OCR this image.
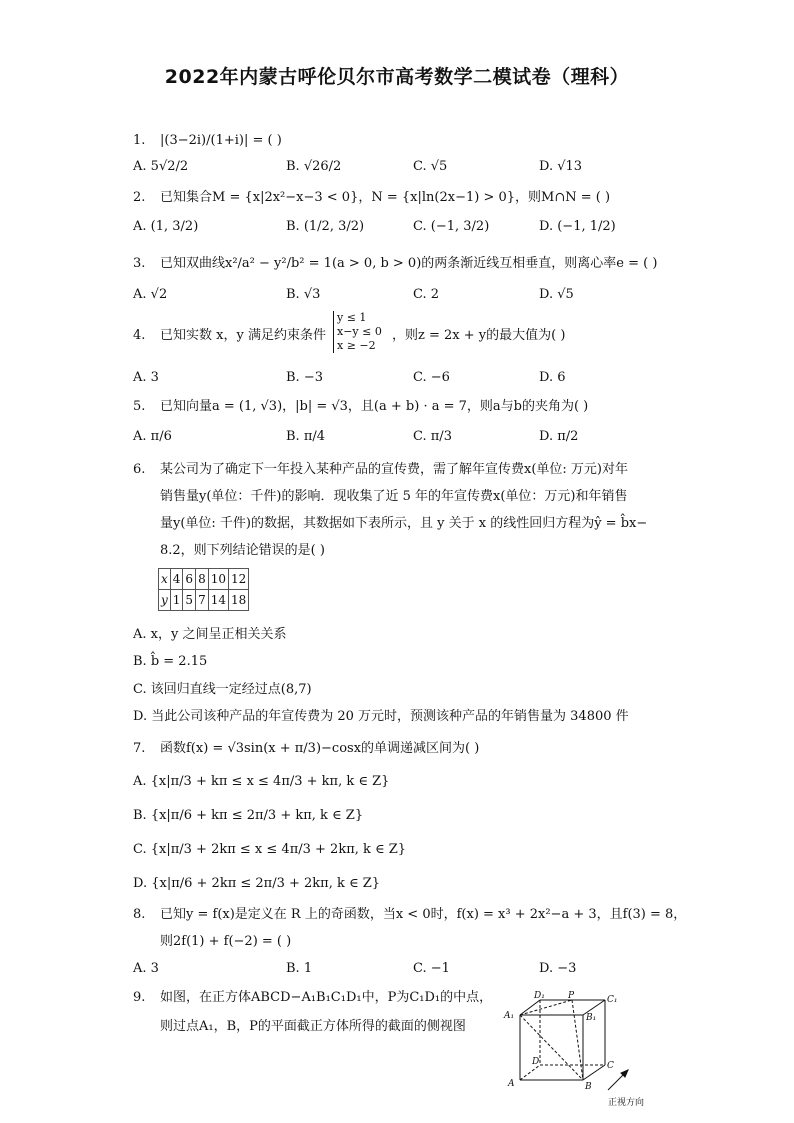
2022年内蒙古呼伦贝尔市高考数学二模试卷（理科）
1. |(3−2i)/(1+i)| = ( )
A. 5√2/2	B. √26/2	C. √5	D. √13
2. 已知集合M = {x|2x²−x−3 < 0}，N = {x|ln(2x−1) > 0}，则M∩N = ( )
A. (1, 3/2)	B. (1/2, 3/2)	C. (−1, 3/2)	D. (−1, 1/2)
3. 已知双曲线x²/a² − y²/b² = 1(a > 0, b > 0)的两条渐近线互相垂直，则离心率e = ( )
A. √2	B. √3	C. 2	D. √5
4. 已知实数 x，y 满足约束条件
y ≤ 1
x−y ≤ 0
x ≥ −2
，则z = 2x + y的最大值为( )
A. 3	B. −3	C. −6	D. 6
5. 已知向量a = (1, √3)，|b| = √3，且(a + b) · a = 7，则a与b的夹角为( )
A. π/6	B. π/4	C. π/3	D. π/2
6. 某公司为了确定下一年投入某种产品的宣传费，需了解年宣传费x(单位: 万元)对年
销售量y(单位：千件)的影响．现收集了近 5 年的年宣传费x(单位：万元)和年销售
量y(单位: 千件)的数据，其数据如下表所示，且 y 关于 x 的线性回归方程为ŷ = b̂x−
8.2，则下列结论错误的是( )
x	4	6	8	10	12
y	1	5	7	14	18
A. x，y 之间呈正相关关系
B. b̂ = 2.15
C. 该回归直线一定经过点(8,7)
D. 当此公司该种产品的年宣传费为 20 万元时，预测该种产品的年销售量为 34800 件
7. 函数f(x) = √3sin(x + π/3)−cosx的单调递减区间为( )
A. {x|π/3 + kπ ≤ x ≤ 4π/3 + kπ, k ∈ Z}
B. {x|π/6 + kπ ≤ 2π/3 + kπ, k ∈ Z}
C. {x|π/3 + 2kπ ≤ x ≤ 4π/3 + 2kπ, k ∈ Z}
D. {x|π/6 + 2kπ ≤ 2π/3 + 2kπ, k ∈ Z}
8. 已知y = f(x)是定义在 R 上的奇函数，当x < 0时，f(x) = x³ + 2x²−a + 3，且f(3) = 8，
则2f(1) + f(−2) = ( )
A. 3	B. 1	C. −1	D. −3
9. 如图，在正方体ABCD−A₁B₁C₁D₁中，P为C₁D₁的中点，
则过点A₁，B，P的平面截正方体所得的截面的侧视图
D₁	P	C₁
A₁	B₁
D	C
A	B
正视方向
